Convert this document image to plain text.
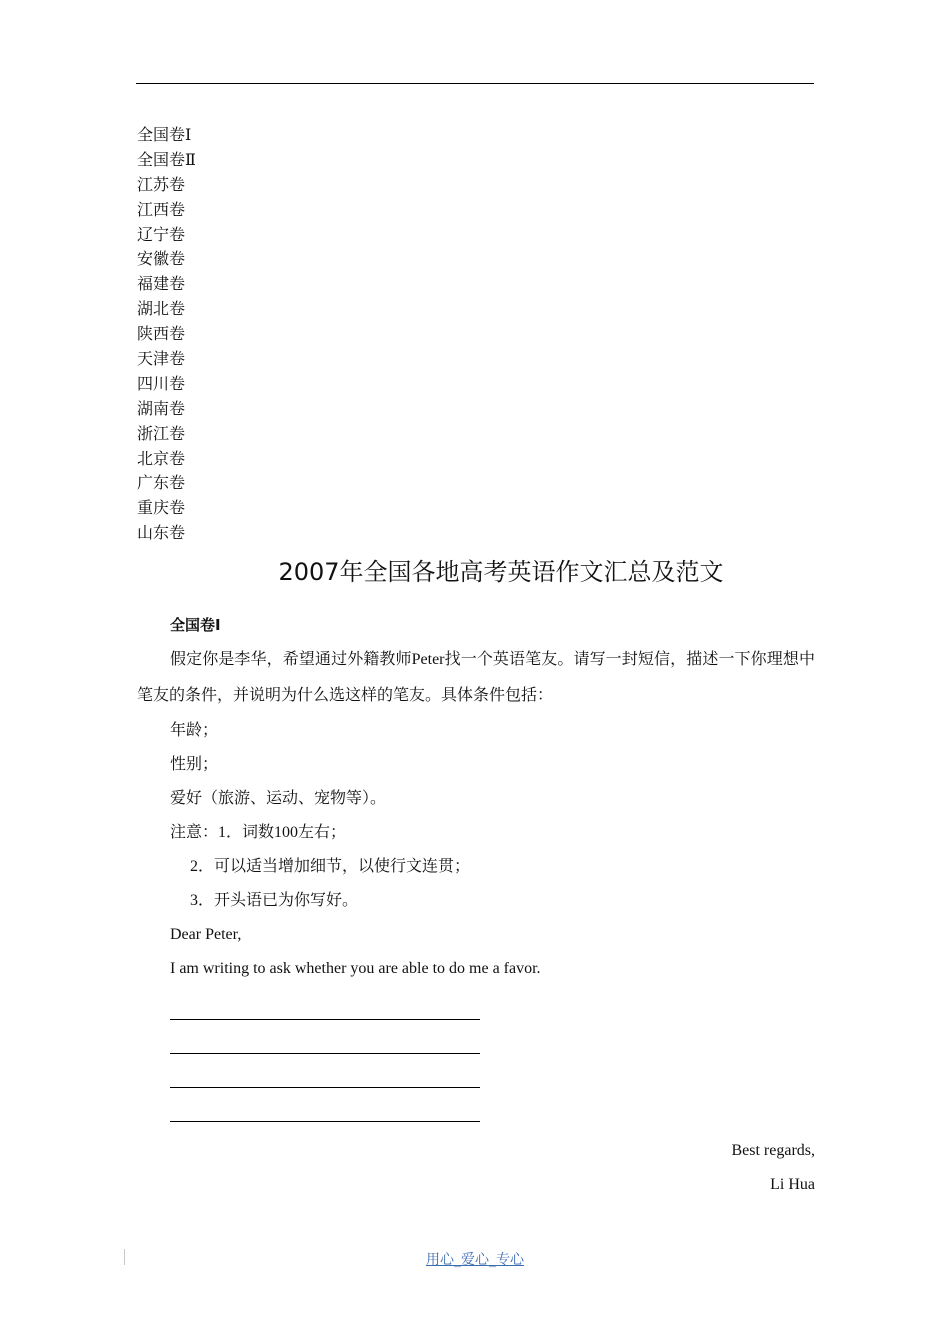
全国卷Ⅰ
全国卷Ⅱ
江苏卷
江西卷
辽宁卷
安徽卷
福建卷
湖北卷
陕西卷
天津卷
四川卷
湖南卷
浙江卷
北京卷
广东卷
重庆卷
山东卷
2007年全国各地高考英语作文汇总及范文

全国卷Ⅰ

假定你是李华，希望通过外籍教师Peter找一个英语笔友。请写一封短信，描述一下你理想中笔友的条件，并说明为什么选这样的笔友。具体条件包括：

年龄；

性别；

爱好（旅游、运动、宠物等）。

注意：1．词数100左右；

2．可以适当增加细节，以使行文连贯；

3．开头语已为你写好。

Dear Peter,

I am writing to ask whether you are able to do me a favor.

Best regards,

Li Hua

用心_爱心_专心
